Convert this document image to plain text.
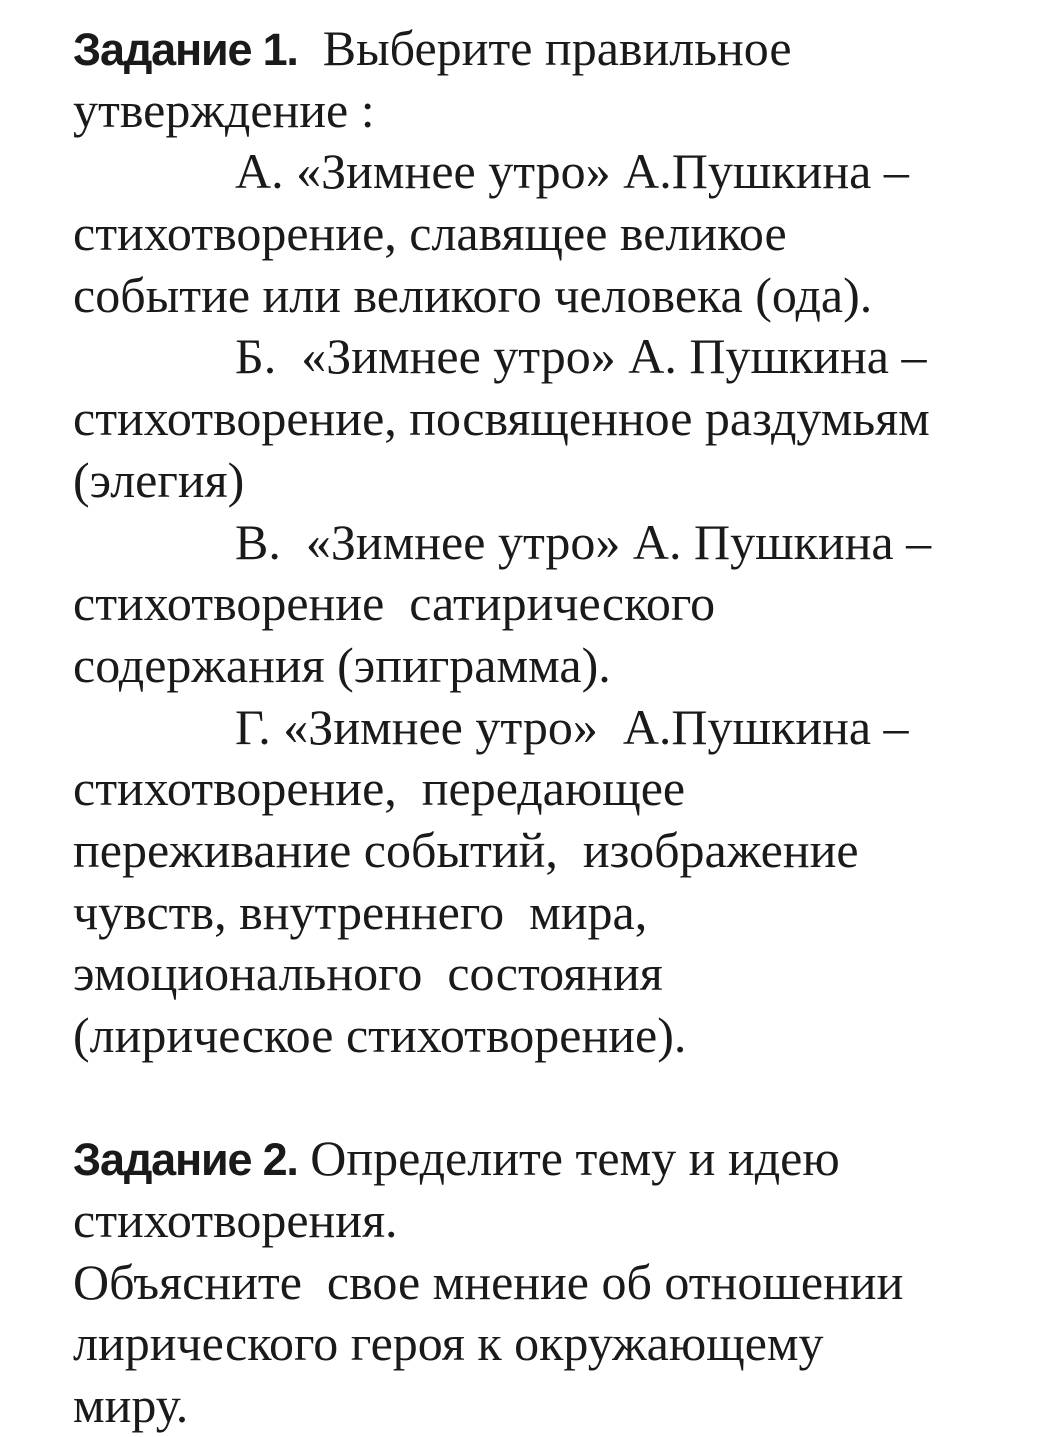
Задание 1.  Выберите правильное
утверждение :
А. «Зимнее утро» А.Пушкина –
стихотворение, славящее великое
событие или великого человека (ода).
Б.  «Зимнее утро» А. Пушкина –
стихотворение, посвященное раздумьям
(элегия)
В.  «Зимнее утро» А. Пушкина –
стихотворение  сатирического
содержания (эпиграмма).
Г. «Зимнее утро»  А.Пушкина –
стихотворение,  передающее
переживание событий,  изображение
чувств, внутреннего  мира,
эмоционального  состояния
(лирическое стихотворение).
Задание 2. Определите тему и идею
стихотворения.
Объясните  свое мнение об отношении
лирического героя к окружающему
миру.
